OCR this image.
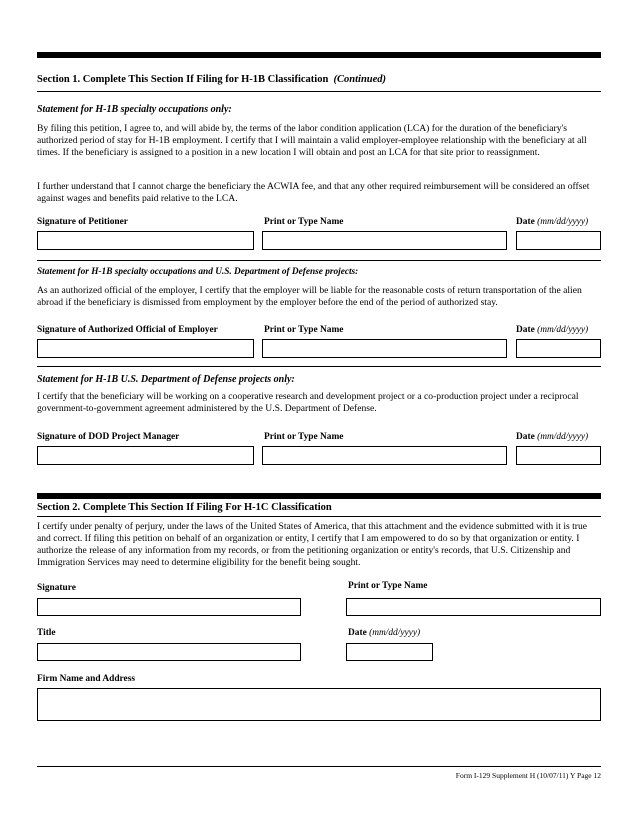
Section 1. Complete This Section If Filing for H-1B Classification (Continued)
Statement for H-1B specialty occupations only:
By filing this petition, I agree to, and will abide by, the terms of the labor condition application (LCA) for the duration of the beneficiary's authorized period of stay for H-1B employment. I certify that I will maintain a valid employer-employee relationship with the beneficiary at all times. If the beneficiary is assigned to a position in a new location I will obtain and post an LCA for that site prior to reassignment.
I further understand that I cannot charge the beneficiary the ACWIA fee, and that any other required reimbursement will be considered an offset against wages and benefits paid relative to the LCA.
Signature of Petitioner	Print or Type Name	Date (mm/dd/yyyy)
Statement for H-1B specialty occupations and U.S. Department of Defense projects:
As an authorized official of the employer, I certify that the employer will be liable for the reasonable costs of return transportation of the alien abroad if the beneficiary is dismissed from employment by the employer before the end of the period of authorized stay.
Signature of Authorized Official of Employer	Print or Type Name	Date (mm/dd/yyyy)
Statement for H-1B U.S. Department of Defense projects only:
I certify that the beneficiary will be working on a cooperative research and development project or a co-production project under a reciprocal government-to-government agreement administered by the U.S. Department of Defense.
Signature of DOD Project Manager	Print or Type Name	Date (mm/dd/yyyy)
Section 2. Complete This Section If Filing For H-1C Classification
I certify under penalty of perjury, under the laws of the United States of America, that this attachment and the evidence submitted with it is true and correct. If filing this petition on behalf of an organization or entity, I certify that I am empowered to do so by that organization or entity. I authorize the release of any information from my records, or from the petitioning organization or entity's records, that U.S. Citizenship and Immigration Services may need to determine eligibility for the benefit being sought.
Signature	Print or Type Name
Title	Date (mm/dd/yyyy)
Firm Name and Address
Form I-129 Supplement H (10/07/11) Y Page 12
